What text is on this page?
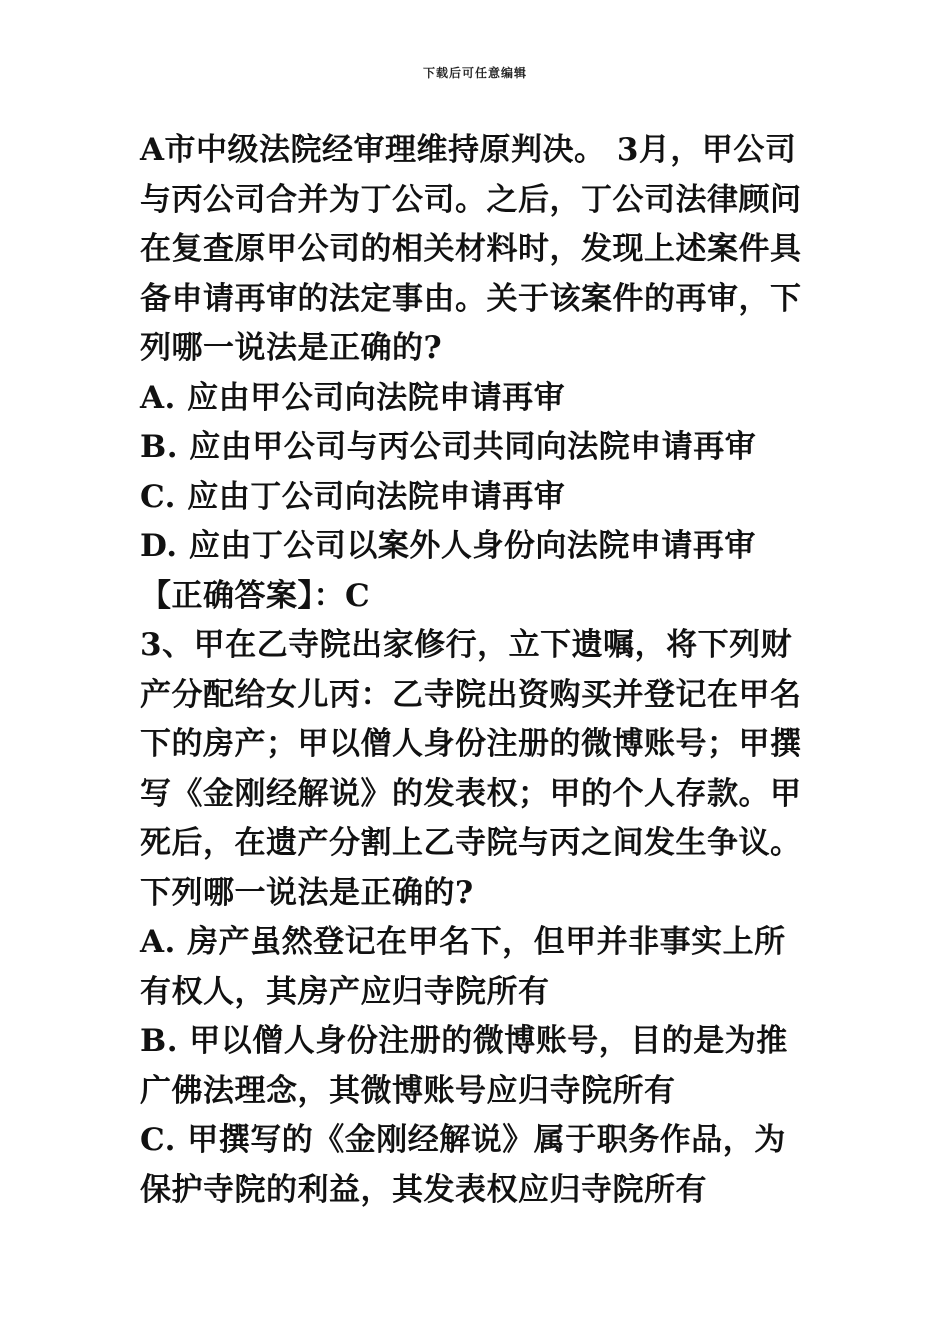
下载后可任意编辑
A市中级法院经审理维持原判决。 3月，甲公司
与丙公司合并为丁公司。之后，丁公司法律顾问
在复查原甲公司的相关材料时，发现上述案件具
备申请再审的法定事由。关于该案件的再审，下
列哪一说法是正确的?
A. 应由甲公司向法院申请再审
B. 应由甲公司与丙公司共同向法院申请再审
C. 应由丁公司向法院申请再审
D. 应由丁公司以案外人身份向法院申请再审
【正确答案】：C
3、甲在乙寺院出家修行，立下遗嘱，将下列财
产分配给女儿丙：乙寺院出资购买并登记在甲名
下的房产；甲以僧人身份注册的微博账号；甲撰
写《金刚经解说》的发表权；甲的个人存款。甲
死后，在遗产分割上乙寺院与丙之间发生争议。
下列哪一说法是正确的?
A. 房产虽然登记在甲名下，但甲并非事实上所
有权人，其房产应归寺院所有
B. 甲以僧人身份注册的微博账号，目的是为推
广佛法理念，其微博账号应归寺院所有
C. 甲撰写的《金刚经解说》属于职务作品，为
保护寺院的利益，其发表权应归寺院所有
